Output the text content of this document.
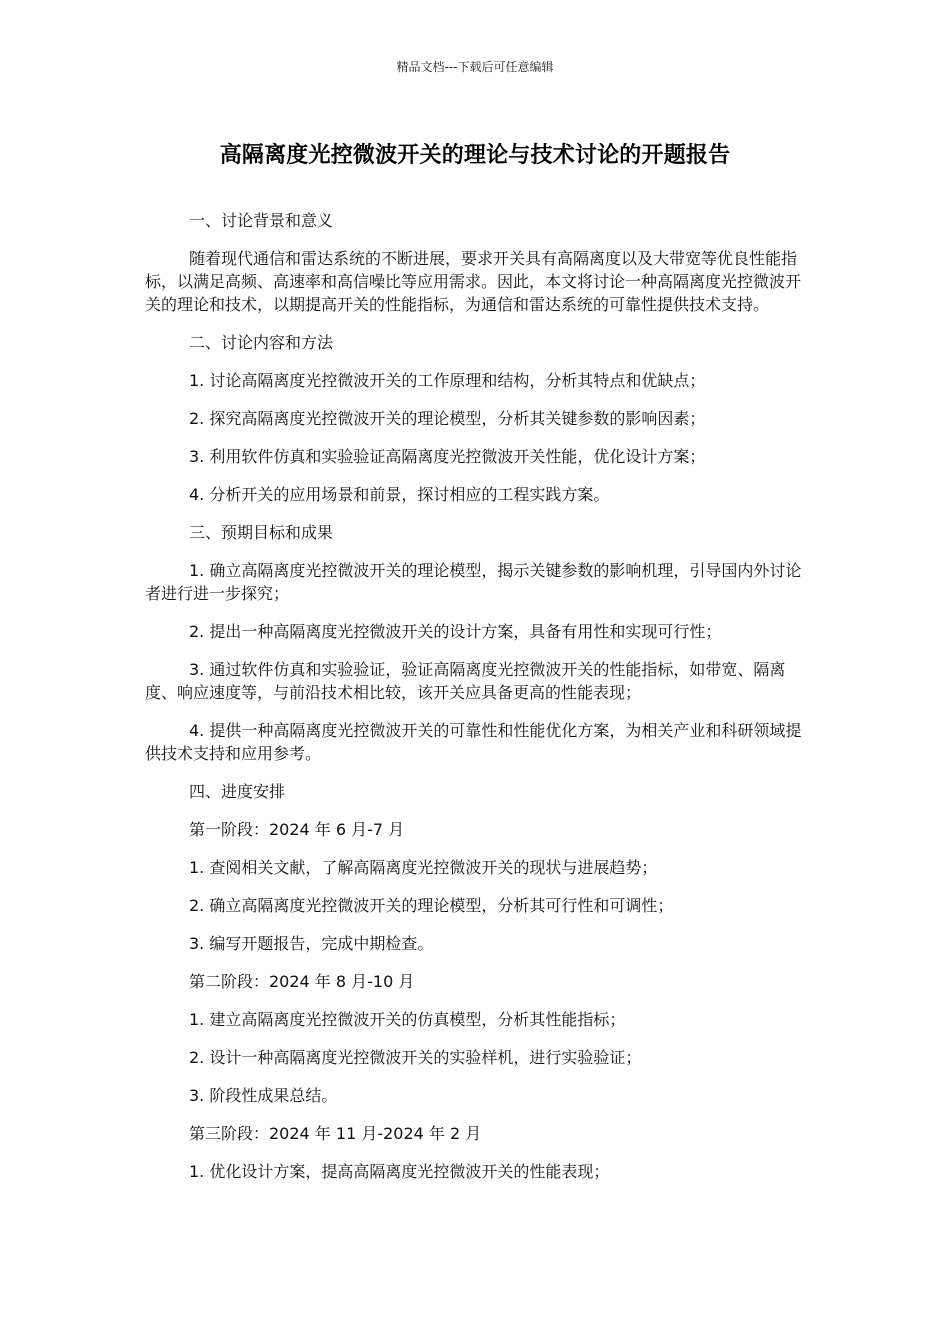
精品文档---下载后可任意编辑
高隔离度光控微波开关的理论与技术讨论的开题报告

一、讨论背景和意义

随着现代通信和雷达系统的不断进展，要求开关具有高隔离度以及大带宽等优良性能指标，以满足高频、高速率和高信噪比等应用需求。因此，本文将讨论一种高隔离度光控微波开关的理论和技术，以期提高开关的性能指标，为通信和雷达系统的可靠性提供技术支持。

二、讨论内容和方法

1. 讨论高隔离度光控微波开关的工作原理和结构，分析其特点和优缺点；

2. 探究高隔离度光控微波开关的理论模型，分析其关键参数的影响因素；

3. 利用软件仿真和实验验证高隔离度光控微波开关性能，优化设计方案；

4. 分析开关的应用场景和前景，探讨相应的工程实践方案。

三、预期目标和成果

1. 确立高隔离度光控微波开关的理论模型，揭示关键参数的影响机理，引导国内外讨论者进行进一步探究；

2. 提出一种高隔离度光控微波开关的设计方案，具备有用性和实现可行性；

3. 通过软件仿真和实验验证，验证高隔离度光控微波开关的性能指标，如带宽、隔离度、响应速度等，与前沿技术相比较，该开关应具备更高的性能表现；

4. 提供一种高隔离度光控微波开关的可靠性和性能优化方案，为相关产业和科研领域提供技术支持和应用参考。

四、进度安排

第一阶段：2024 年 6 月-7 月

1. 查阅相关文献，了解高隔离度光控微波开关的现状与进展趋势；

2. 确立高隔离度光控微波开关的理论模型，分析其可行性和可调性；

3. 编写开题报告，完成中期检查。

第二阶段：2024 年 8 月-10 月

1. 建立高隔离度光控微波开关的仿真模型，分析其性能指标；

2. 设计一种高隔离度光控微波开关的实验样机，进行实验验证；

3. 阶段性成果总结。

第三阶段：2024 年 11 月-2024 年 2 月

1. 优化设计方案，提高高隔离度光控微波开关的性能表现；
